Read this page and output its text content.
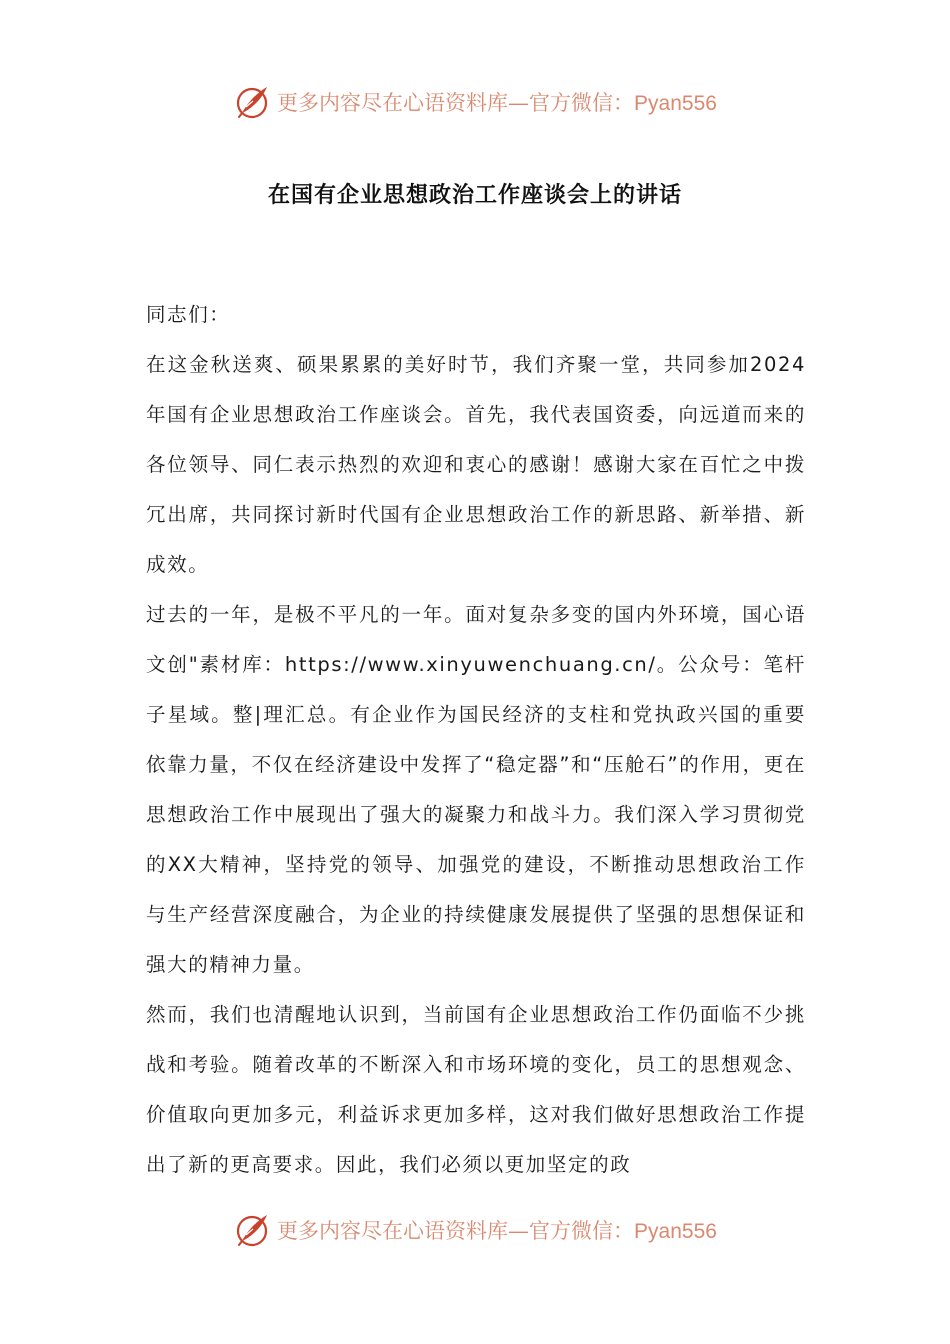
更多内容尽在心语资料库—官方微信：Pyan556
在国有企业思想政治工作座谈会上的讲话

同志们：

在这金秋送爽、硕果累累的美好时节，我们齐聚一堂，共同参加2024年国有企业思想政治工作座谈会。首先，我代表国资委，向远道而来的各位领导、同仁表示热烈的欢迎和衷心的感谢！感谢大家在百忙之中拨冗出席，共同探讨新时代国有企业思想政治工作的新思路、新举措、新成效。

过去的一年，是极不平凡的一年。面对复杂多变的国内外环境，国心语文创"素材库：https://www.xinyuwenchuang.cn/。公众号：笔杆子星域。整|理汇总。有企业作为国民经济的支柱和党执政兴国的重要依靠力量，不仅在经济建设中发挥了“稳定器”和“压舱石”的作用，更在思想政治工作中展现出了强大的凝聚力和战斗力。我们深入学习贯彻党的XX大精神，坚持党的领导、加强党的建设，不断推动思想政治工作与生产经营深度融合，为企业的持续健康发展提供了坚强的思想保证和强大的精神力量。

然而，我们也清醒地认识到，当前国有企业思想政治工作仍面临不少挑战和考验。随着改革的不断深入和市场环境的变化，员工的思想观念、价值取向更加多元，利益诉求更加多样，这对我们做好思想政治工作提出了新的更高要求。因此，我们必须以更加坚定的政

更多内容尽在心语资料库—官方微信：Pyan556
